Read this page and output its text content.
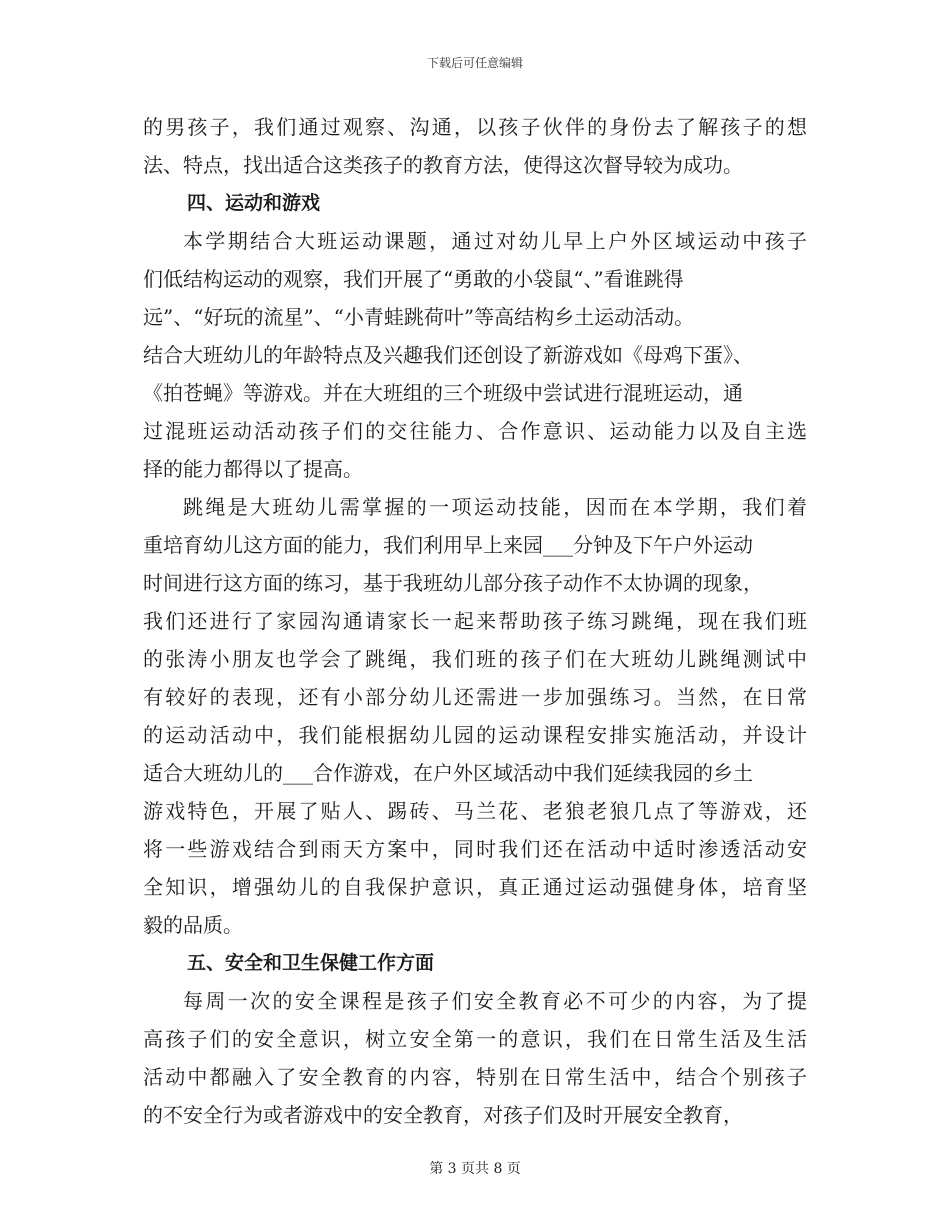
下载后可任意编辑
的男孩子，我们通过观察、沟通，以孩子伙伴的身份去了解孩子的想
法、特点，找出适合这类孩子的教育方法，使得这次督导较为成功。
四、运动和游戏
本学期结合大班运动课题，通过对幼儿早上户外区域运动中孩子
们低结构运动的观察，我们开展了“勇敢的小袋鼠“、”看谁跳得
远”、“好玩的流星”、“小青蛙跳荷叶”等高结构乡土运动活动。
结合大班幼儿的年龄特点及兴趣我们还创设了新游戏如《母鸡下蛋》、
《拍苍蝇》等游戏。并在大班组的三个班级中尝试进行混班运动，通
过混班运动活动孩子们的交往能力、合作意识、运动能力以及自主选
择的能力都得以了提高。
跳绳是大班幼儿需掌握的一项运动技能，因而在本学期，我们着
重培育幼儿这方面的能力，我们利用早上来园___分钟及下午户外运动
时间进行这方面的练习，基于我班幼儿部分孩子动作不太协调的现象，
我们还进行了家园沟通请家长一起来帮助孩子练习跳绳，现在我们班
的张涛小朋友也学会了跳绳，我们班的孩子们在大班幼儿跳绳测试中
有较好的表现，还有小部分幼儿还需进一步加强练习。当然，在日常
的运动活动中，我们能根据幼儿园的运动课程安排实施活动，并设计
适合大班幼儿的___合作游戏，在户外区域活动中我们延续我园的乡土
游戏特色，开展了贴人、踢砖、马兰花、老狼老狼几点了等游戏，还
将一些游戏结合到雨天方案中，同时我们还在活动中适时渗透活动安
全知识，增强幼儿的自我保护意识，真正通过运动强健身体，培育坚
毅的品质。
五、安全和卫生保健工作方面
每周一次的安全课程是孩子们安全教育必不可少的内容，为了提
高孩子们的安全意识，树立安全第一的意识，我们在日常生活及生活
活动中都融入了安全教育的内容，特别在日常生活中，结合个别孩子
的不安全行为或者游戏中的安全教育，对孩子们及时开展安全教育，
第 3 页共 8 页
